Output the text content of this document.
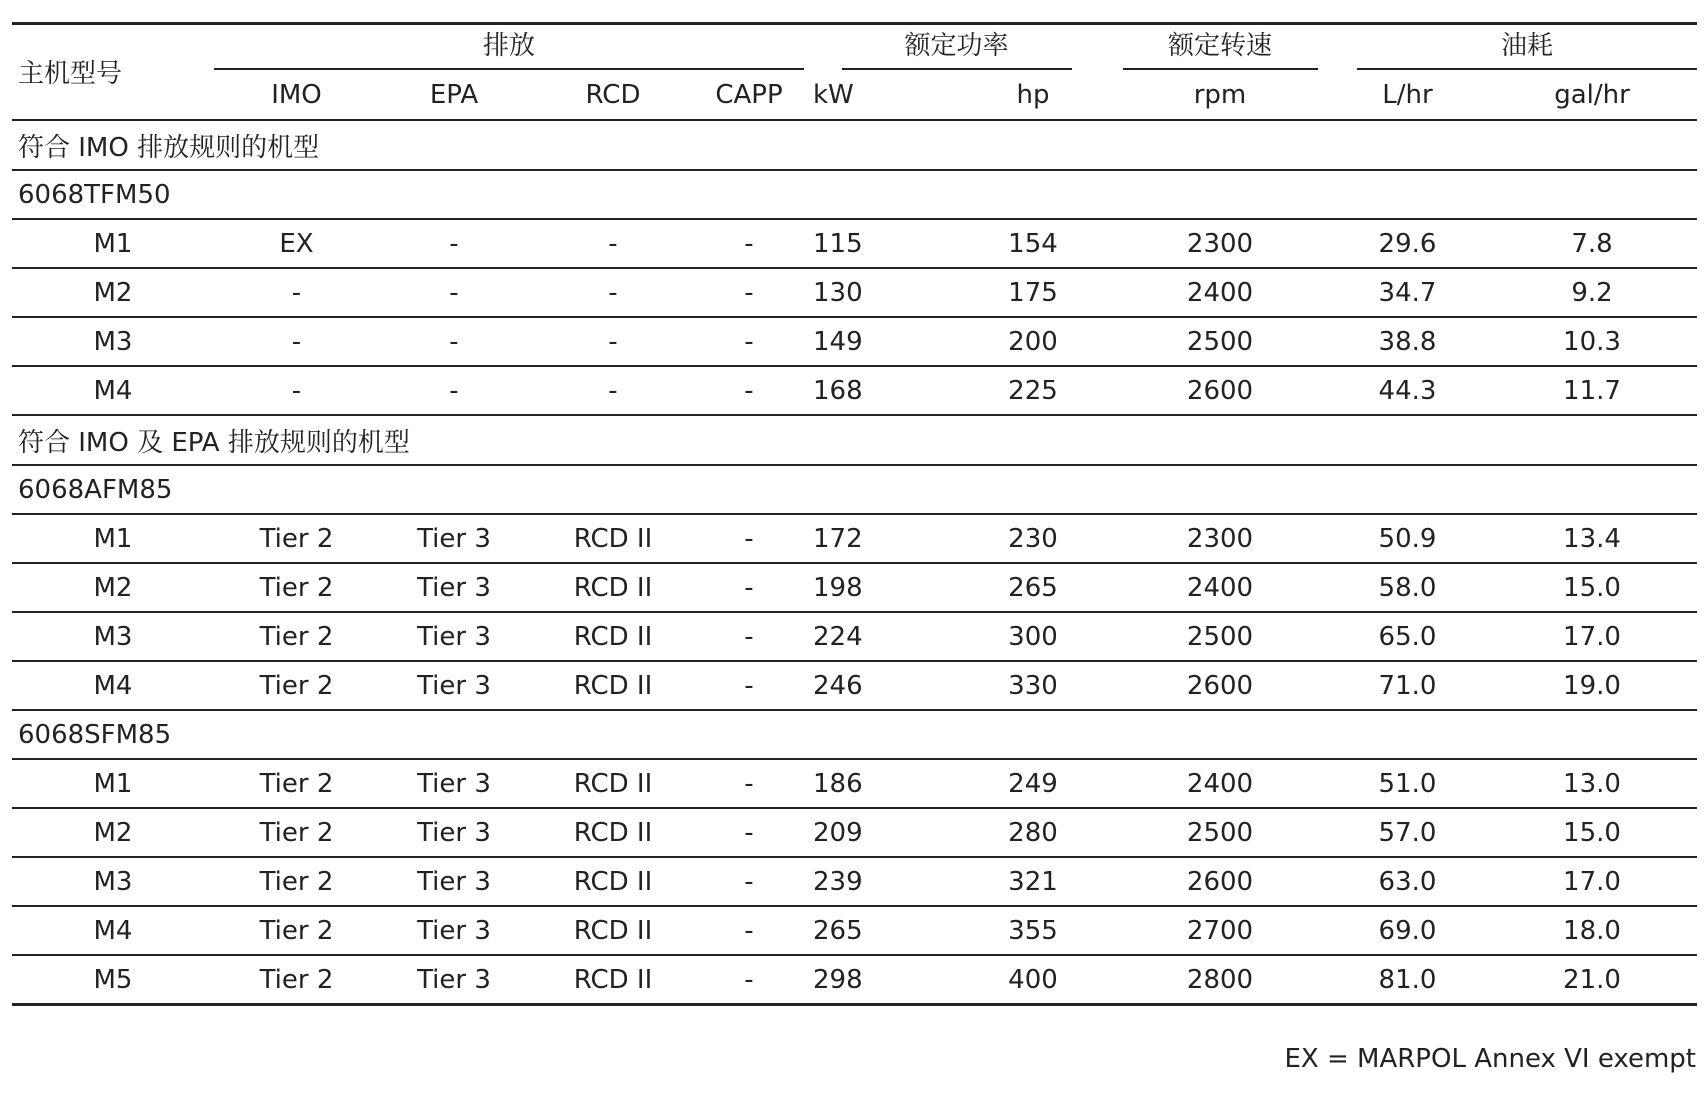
主机型号	排放				额定功率		额定转速	油耗	

	IMO	EPA	RCD	CAPP	kW	hp	rpm	L/hr	gal/hr
符合 IMO 排放规则的机型									
6068TFM50									
M1	EX	-	-	-	115	154	2300	29.6	7.8
M2	-	-	-	-	130	175	2400	34.7	9.2
M3	-	-	-	-	149	200	2500	38.8	10.3
M4	-	-	-	-	168	225	2600	44.3	11.7
符合 IMO 及 EPA 排放规则的机型									
6068AFM85									
M1	Tier 2	Tier 3	RCD II	-	172	230	2300	50.9	13.4
M2	Tier 2	Tier 3	RCD II	-	198	265	2400	58.0	15.0
M3	Tier 2	Tier 3	RCD II	-	224	300	2500	65.0	17.0
M4	Tier 2	Tier 3	RCD II	-	246	330	2600	71.0	19.0
6068SFM85									
M1	Tier 2	Tier 3	RCD II	-	186	249	2400	51.0	13.0
M2	Tier 2	Tier 3	RCD II	-	209	280	2500	57.0	15.0
M3	Tier 2	Tier 3	RCD II	-	239	321	2600	63.0	17.0
M4	Tier 2	Tier 3	RCD II	-	265	355	2700	69.0	18.0
M5	Tier 2	Tier 3	RCD II	-	298	400	2800	81.0	21.0
EX = MARPOL Annex VI exempt
